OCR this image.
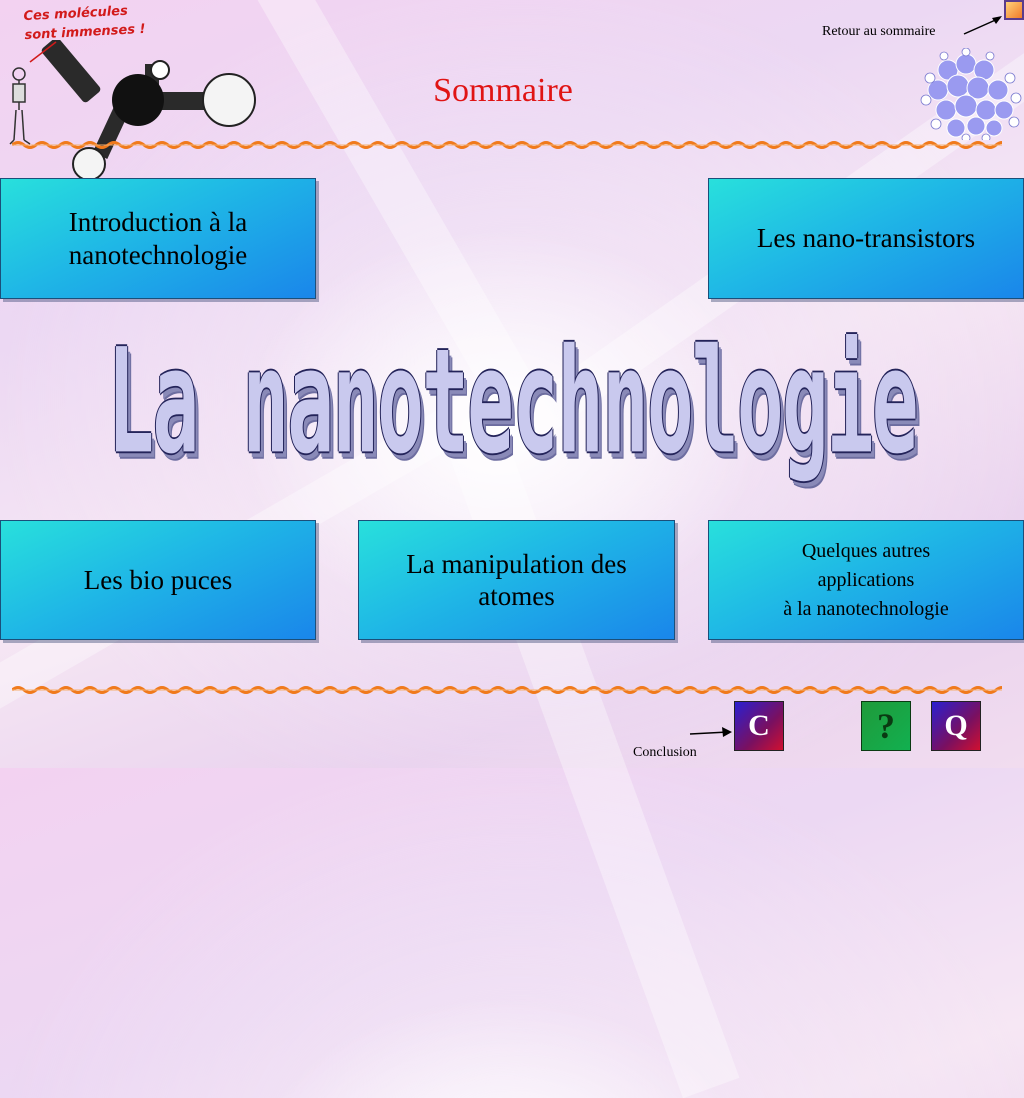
Ces molécules
sont immenses !
Sommaire
Retour au sommaire
Introduction à la
nanotechnologie
Les nano-transistors
Les bio puces
La manipulation des
atomes
Quelques autres
applications
à la nanotechnologie
La nanotechnologie
Conclusion
C	?	Q
